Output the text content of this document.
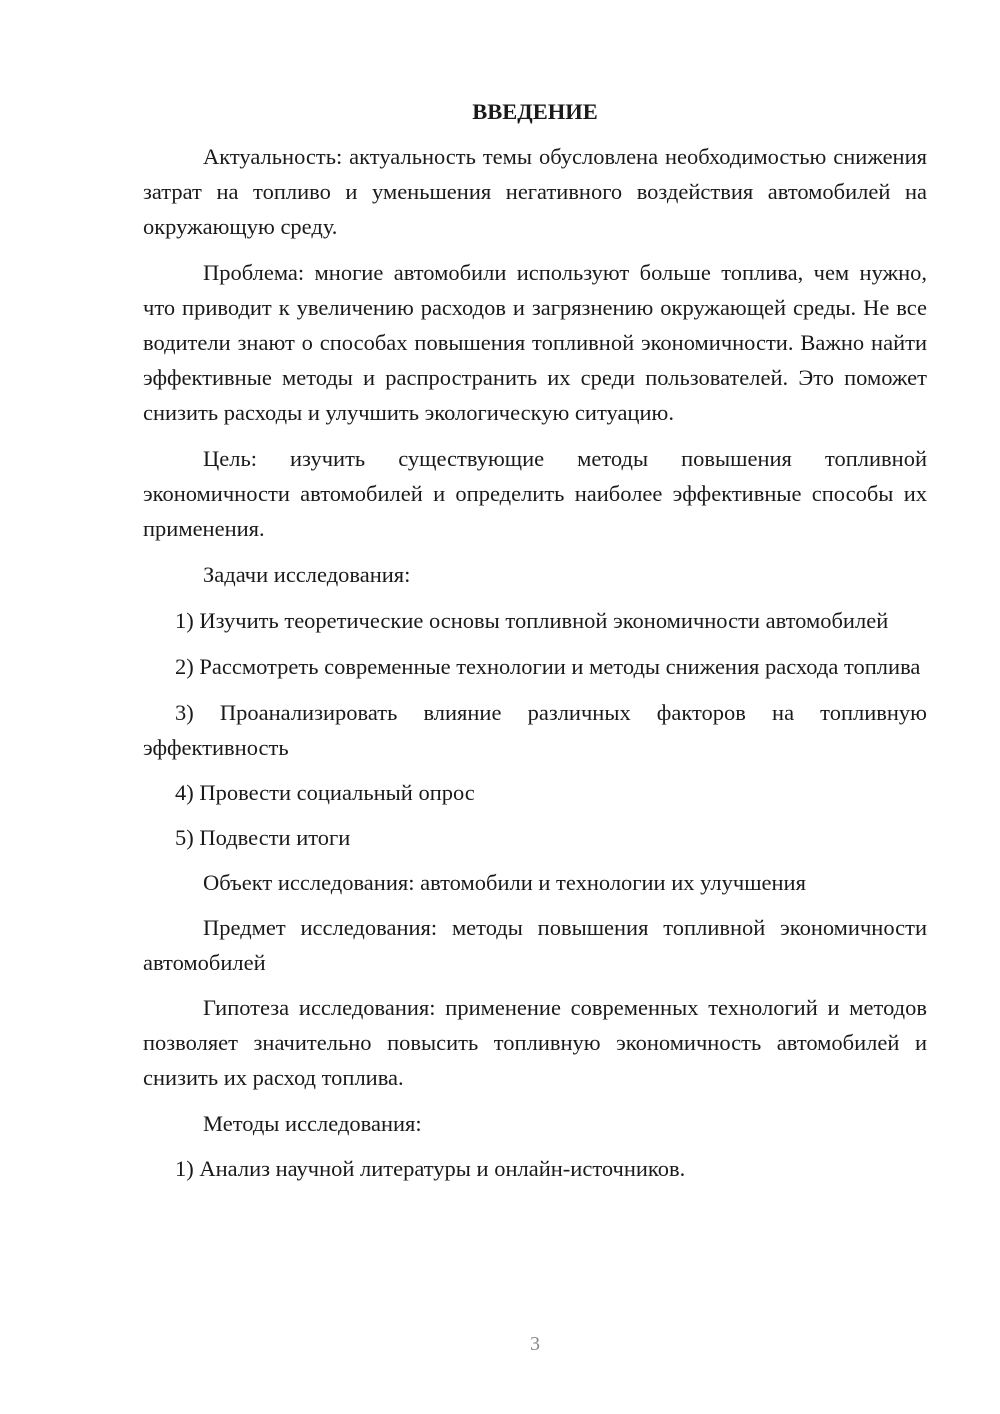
ВВЕДЕНИЕ

Актуальность: актуальность темы обусловлена необходимостью снижения затрат на топливо и уменьшения негативного воздействия автомобилей на окружающую среду.

Проблема: многие автомобили используют больше топлива, чем нужно, что приводит к увеличению расходов и загрязнению окружающей среды. Не все водители знают о способах повышения топливной экономичности. Важно найти эффективные методы и распространить их среди пользователей. Это поможет снизить расходы и улучшить экологическую ситуацию.

Цель: изучить существующие методы повышения топливной экономичности автомобилей и определить наиболее эффективные способы их применения.

Задачи исследования:

1) Изучить теоретические основы топливной экономичности автомобилей

2) Рассмотреть современные технологии и методы снижения расхода топлива

3) Проанализировать влияние различных факторов на топливную эффективность

4) Провести социальный опрос

5) Подвести итоги

Объект исследования: автомобили и технологии их улучшения

Предмет исследования: методы повышения топливной экономичности автомобилей

Гипотеза исследования: применение современных технологий и методов позволяет значительно повысить топливную экономичность автомобилей и снизить их расход топлива.

Методы исследования:

1) Анализ научной литературы и онлайн-источников.

3
